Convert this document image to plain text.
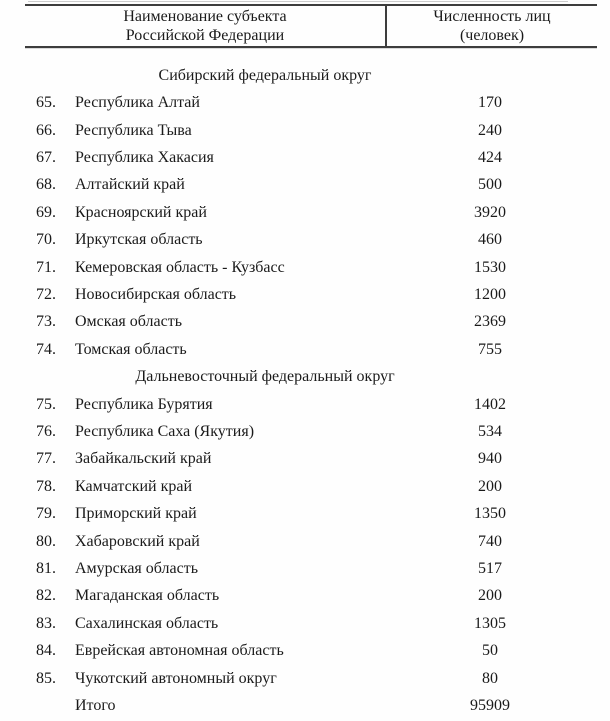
Наименование субъекта
Российской Федерации
Численность лиц
(человек)
Сибирский федеральный округ
65.	Республика Алтай	170
66.	Республика Тыва	240
67.	Республика Хакасия	424
68.	Алтайский край	500
69.	Красноярский край	3920
70.	Иркутская область	460
71.	Кемеровская область - Кузбасс	1530
72.	Новосибирская область	1200
73.	Омская область	2369
74.	Томская область	755
Дальневосточный федеральный округ
75.	Республика Бурятия	1402
76.	Республика Саха (Якутия)	534
77.	Забайкальский край	940
78.	Камчатский край	200
79.	Приморский край	1350
80.	Хабаровский край	740
81.	Амурская область	517
82.	Магаданская область	200
83.	Сахалинская область	1305
84.	Еврейская автономная область	50
85.	Чукотский автономный округ	80
Итого	95909
